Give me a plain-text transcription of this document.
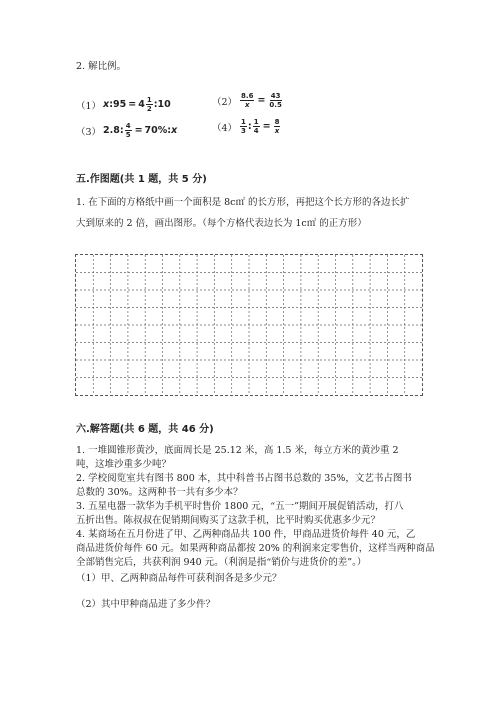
2. 解比例。
（1） x : $95 = 4 \frac{1}{2}$ : 10	$(2) \frac{8.6}{x} = \frac{43}{0.5}$
（3） 2.8 : $\frac{4}{5} = 70\%$ : x	$(4) \frac{1}{3}$ : $\frac{1}{4} = \frac{8}{x}$
五.作图题(共 1 题，共 5 分)
1. 在下面的方格纸中画一个面积是 8c㎡ 的长方形，再把这个长方形的各边长扩
大到原来的 2 倍，画出图形。（每个方格代表边长为 1c㎡ 的正方形）
六.解答题(共 6 题，共 46 分)
1. 一堆圆锥形黄沙，底面周长是 25.12 米，高 1.5 米，每立方米的黄沙重 2
吨，这堆沙重多少吨？
2. 学校阅览室共有图书 800 本，其中科普书占图书总数的 35%，文艺书占图书
总数的 30%。这两种书一共有多少本？
3. 五星电器一款华为手机平时售价 1800 元，“五一”期间开展促销活动，打八
五折出售。陈叔叔在促销期间购买了这款手机，比平时购买优惠多少元？
4. 某商场在五月份进了甲、乙两种商品共 100 件，甲商品进货价每件 40 元，乙
商品进货价每件 60 元。如果两种商品都按 20% 的利润来定零售价，这样当两种商品
全部销售完后，共获利润 940 元。（利润是指“销价与进货价的差”。）
（1）甲、乙两种商品每件可获利润各是多少元？
（2）其中甲种商品进了多少件？
